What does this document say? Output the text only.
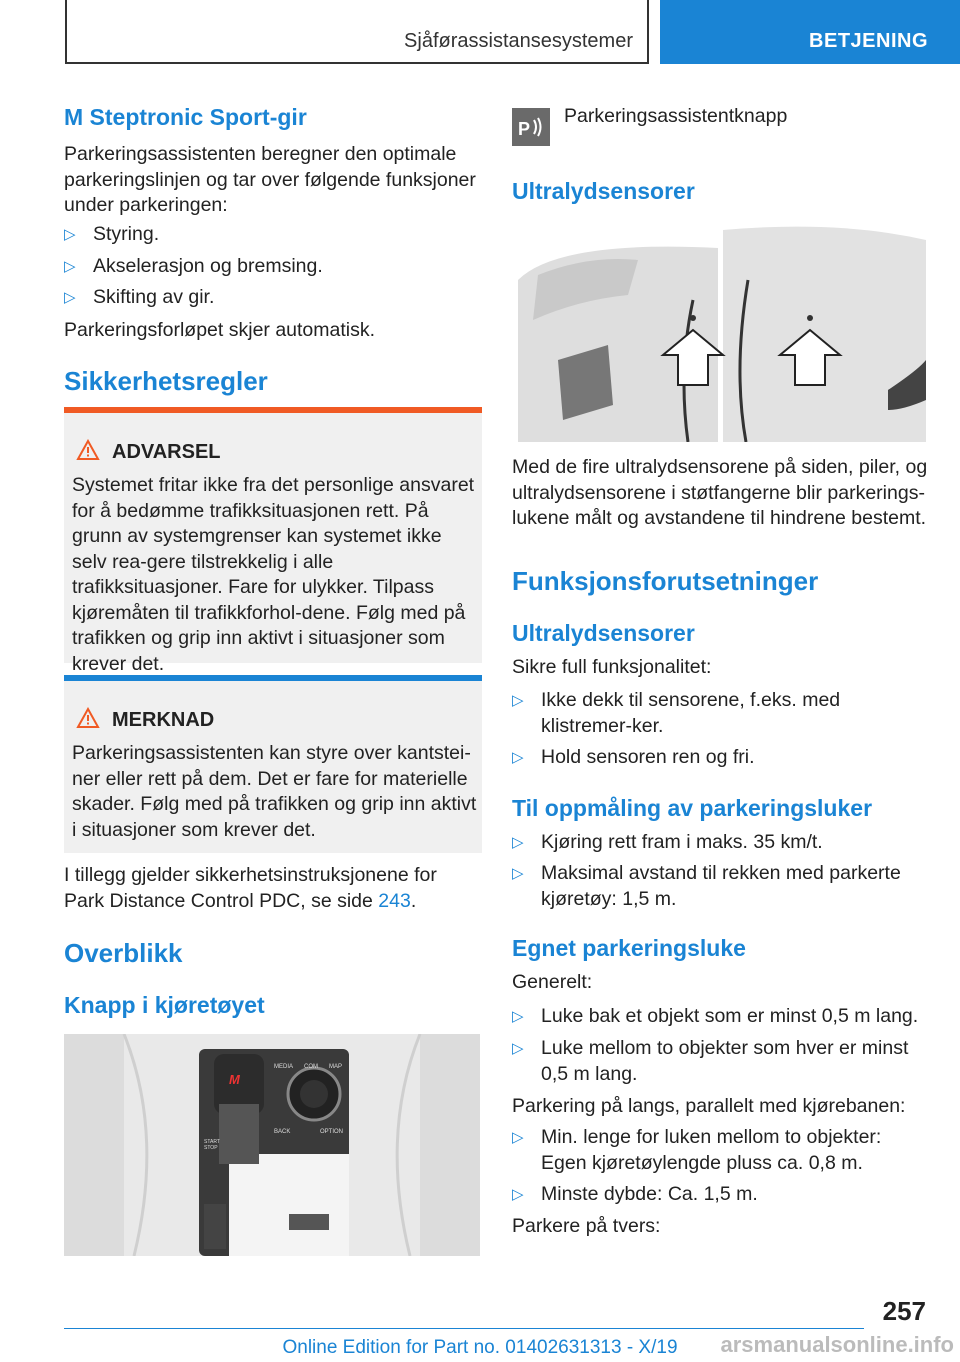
Sjåførassistansesystemer	BETJENING
M Steptronic Sport-gir
Parkeringsassistenten beregner den optimale parkeringslinjen og tar over følgende funksjoner under parkeringen:
▷ Styring.
▷ Akselerasjon og bremsing.
▷ Skifting av gir.
Parkeringsforløpet skjer automatisk.
Sikkerhetsregler
ADVARSEL
Systemet fritar ikke fra det personlige ansvaret for å bedømme trafikksituasjonen rett. På grunn av systemgrenser kan systemet ikke selv rea-gere tilstrekkelig i alle trafikksituasjoner. Fare for ulykker. Tilpass kjøremåten til trafikkforhol-dene. Følg med på trafikken og grip inn aktivt i situasjoner som krever det.
MERKNAD
Parkeringsassistenten kan styre over kantstei-ner eller rett på dem. Det er fare for materielle skader. Følg med på trafikken og grip inn aktivt i situasjoner som krever det.
I tillegg gjelder sikkerhetsinstruksjonene for Park Distance Control PDC, se side 243.
Overblikk
Knapp i kjøretøyet
M
MEDIA COM MAP
BACK	OPTION
START STOP
P
Parkeringsassistentknapp
Ultralydsensorer
Med de fire ultralydsensorene på siden, piler, og ultralydsensorene i støtfangerne blir parkerings-lukene målt og avstandene til hindrene bestemt.
Funksjonsforutsetninger
Ultralydsensorer
Sikre full funksjonalitet:
▷ Ikke dekk til sensorene, f.eks. med klistremer-ker.
▷ Hold sensoren ren og fri.
Til oppmåling av parkeringsluker
▷ Kjøring rett fram i maks. 35 km/t.
▷ Maksimal avstand til rekken med parkerte kjøretøy: 1,5 m.
Egnet parkeringsluke
Generelt:
▷ Luke bak et objekt som er minst 0,5 m lang.
▷ Luke mellom to objekter som hver er minst 0,5 m lang.
Parkering på langs, parallelt med kjørebanen:
▷ Min. lenge for luken mellom to objekter: Egen kjøretøylengde pluss ca. 0,8 m.
▷ Minste dybde: Ca. 1,5 m.
Parkere på tvers:
257
Online Edition for Part no. 01402631313 - X/19	arsmanualsonline.info
